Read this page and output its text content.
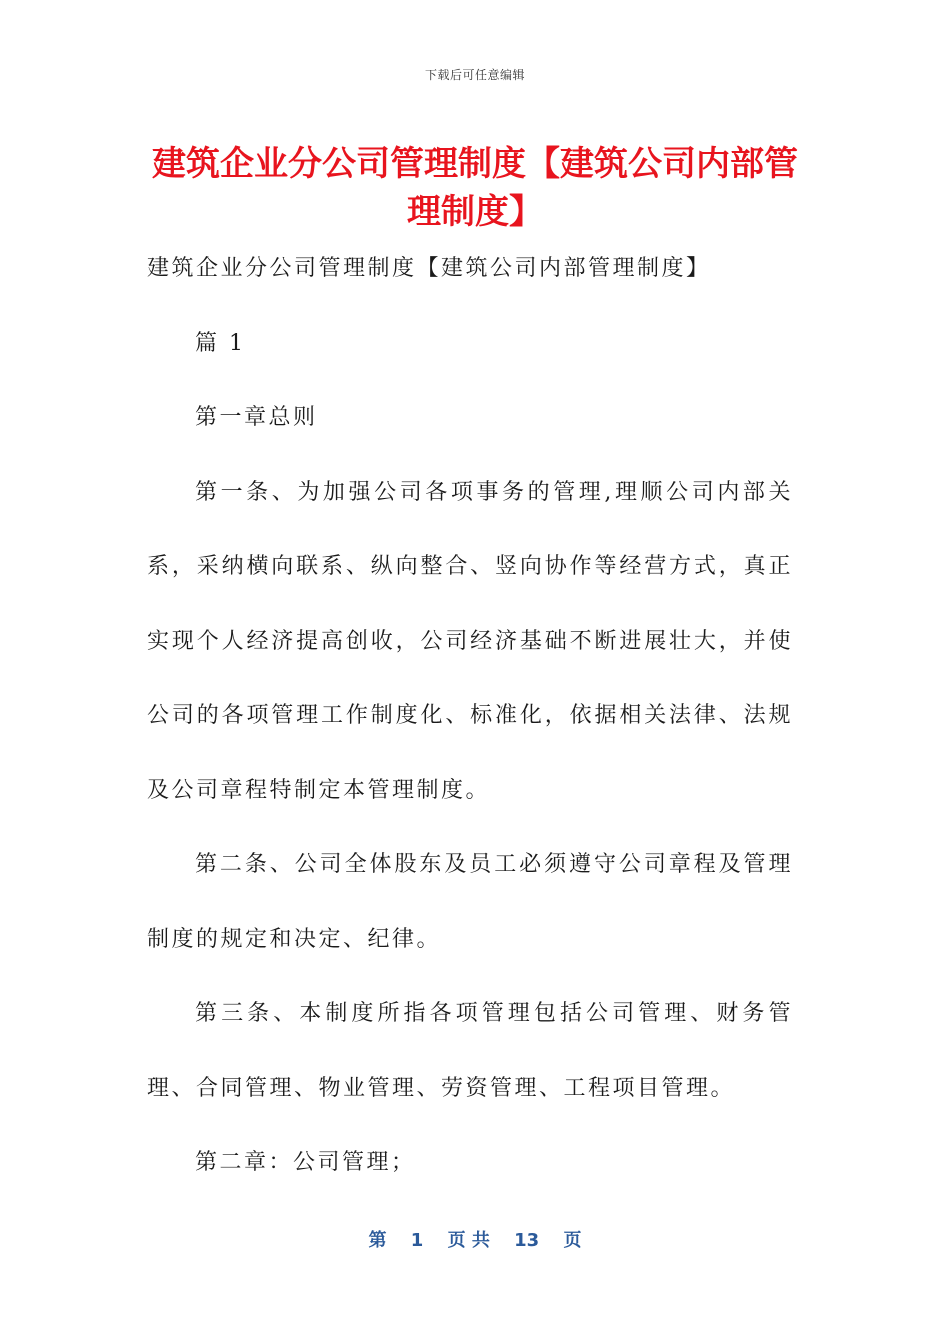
下载后可任意编辑
建筑企业分公司管理制度【建筑公司内部管理制度】

建筑企业分公司管理制度【建筑公司内部管理制度】

篇 1

第一章总则

第一条、为加强公司各项事务的管理,理顺公司内部关系，采纳横向联系、纵向整合、竖向协作等经营方式，真正实现个人经济提高创收，公司经济基础不断进展壮大，并使公司的各项管理工作制度化、标准化，依据相关法律、法规及公司章程特制定本管理制度。

第二条、公司全体股东及员工必须遵守公司章程及管理制度的规定和决定、纪律。

第三条、本制度所指各项管理包括公司管理、财务管理、合同管理、物业管理、劳资管理、工程项目管理。

第二章：公司管理；

第 1 页 共 13 页
